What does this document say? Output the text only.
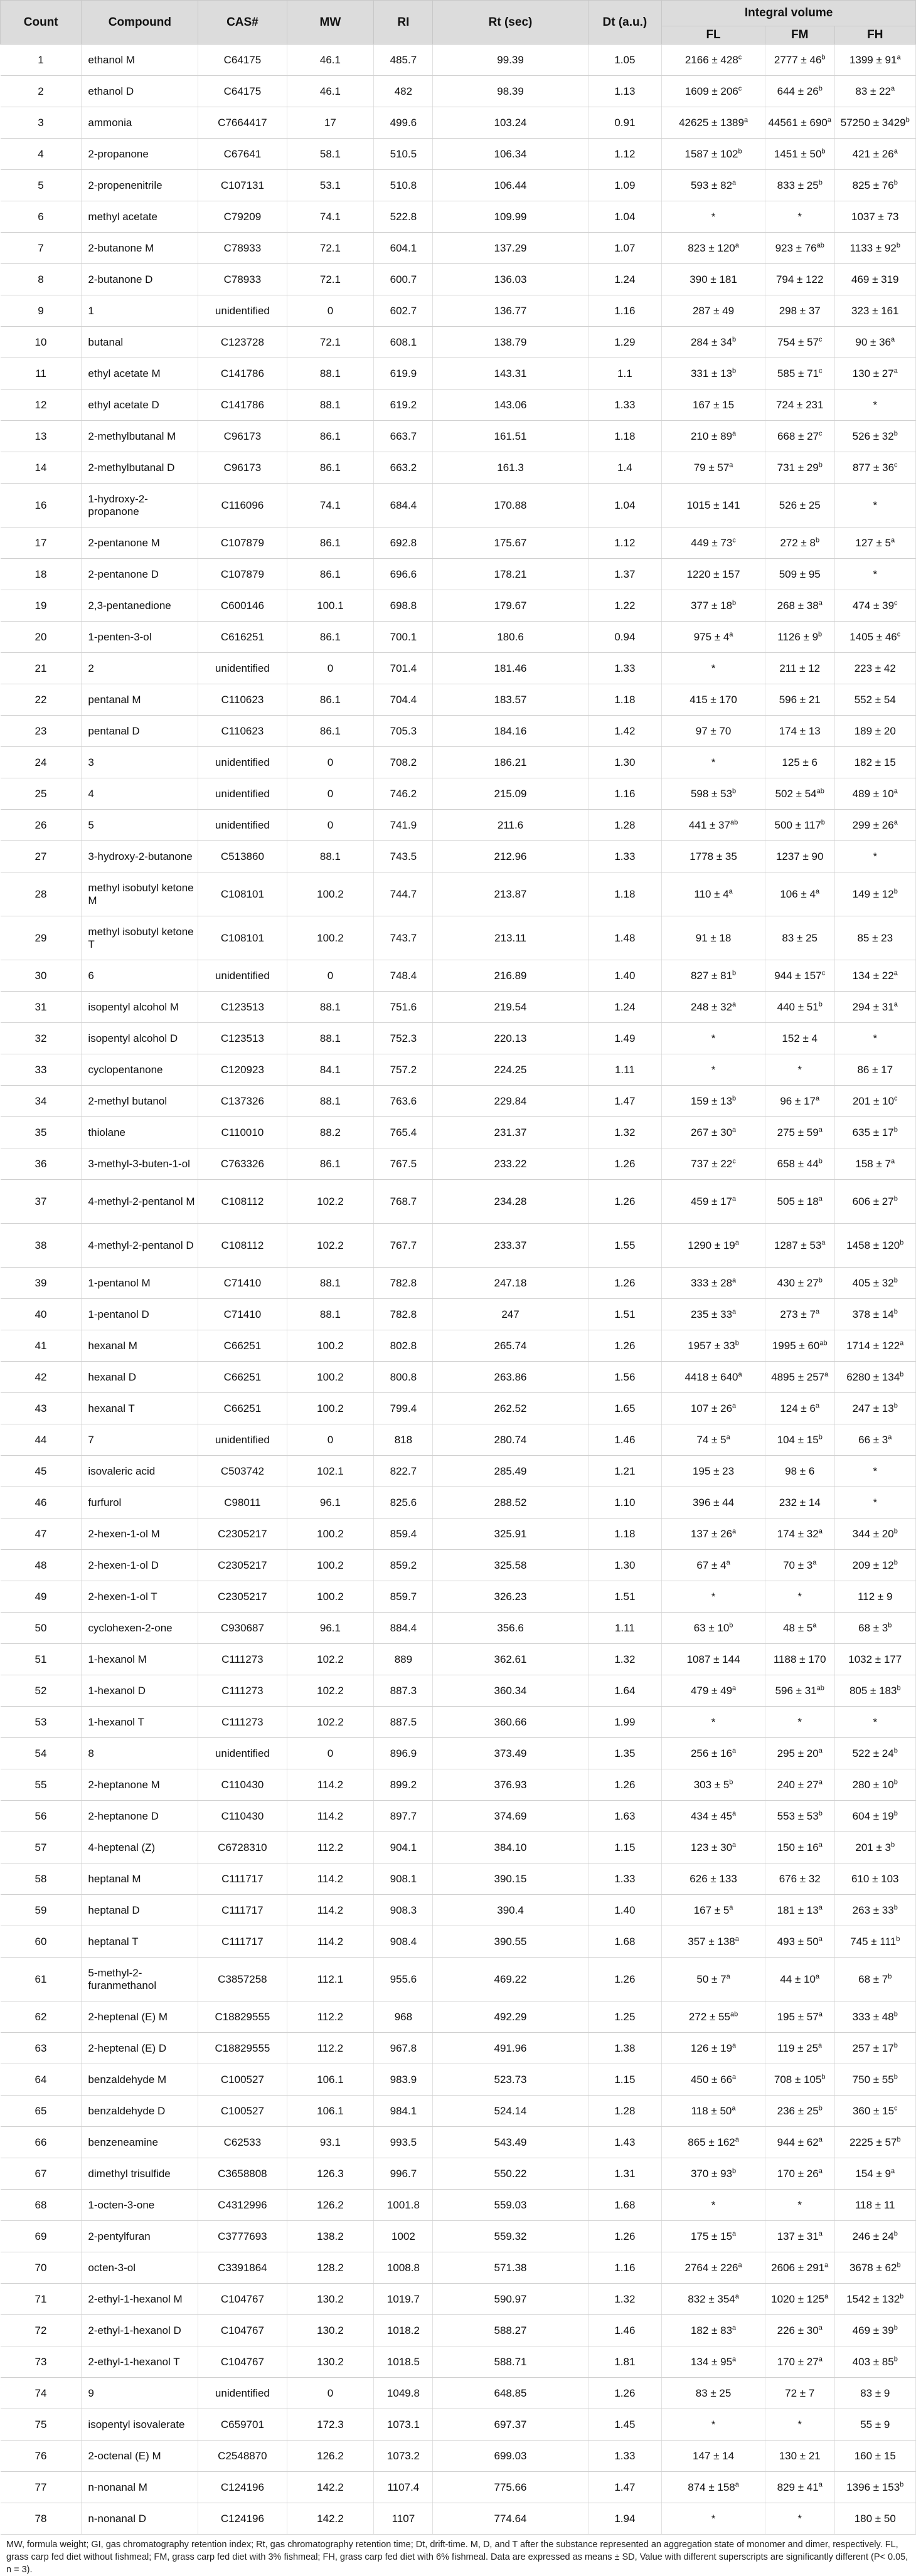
Count	Compound	CAS#	MW	RI	Rt (sec)	Dt (a.u.)	Integral volume		
							FL	FM	FH
1	ethanol M	C64175	46.1	485.7	99.39	1.05	$2166 \pm 428^c$	$2777 \pm 46^b$	$1399 \pm 91^a$
2	ethanol D	C64175	46.1	482	98.39	1.13	$1609 \pm 206^c$	$644 \pm 26^b$	$83 \pm 22^a$
3	ammonia	C7664417	17	499.6	103.24	0.91	$42625 \pm 1389^a$	$44561 \pm 690^a$	$57250 \pm 3429^b$
4	2-propanone	C67641	58.1	510.5	106.34	1.12	$1587 \pm 102^b$	$1451 \pm 50^b$	$421 \pm 26^a$
5	2-propenenitrile	C107131	53.1	510.8	106.44	1.09	$593 \pm 82^a$	$833 \pm 25^b$	$825 \pm 76^b$
6	methyl acetate	C79209	74.1	522.8	109.99	1.04	*	*	1037 ± 73
7	2-butanone M	C78933	72.1	604.1	137.29	1.07	$823 \pm 120^a$	$923 \pm 76^{ab}$	$1133 \pm 92^b$
8	2-butanone D	C78933	72.1	600.7	136.03	1.24	390 ± 181	794 ± 122	469 ± 319
9	1	unidentified	0	602.7	136.77	1.16	287 ± 49	298 ± 37	323 ± 161
10	butanal	C123728	72.1	608.1	138.79	1.29	$284 \pm 34^b$	$754 \pm 57^c$	$90 \pm 36^a$
11	ethyl acetate M	C141786	88.1	619.9	143.31	1.1	$331 \pm 13^b$	$585 \pm 71^c$	$130 \pm 27^a$
12	ethyl acetate D	C141786	88.1	619.2	143.06	1.33	167 ± 15	724 ± 231	*
13	2-methylbutanal M	C96173	86.1	663.7	161.51	1.18	$210 \pm 89^a$	$668 \pm 27^c$	$526 \pm 32^b$
14	2-methylbutanal D	C96173	86.1	663.2	161.3	1.4	$79 \pm 57^a$	$731 \pm 29^b$	$877 \pm 36^c$
16	1-hydroxy-2-propanone	C116096	74.1	684.4	170.88	1.04	1015 ± 141	526 ± 25	*
17	2-pentanone M	C107879	86.1	692.8	175.67	1.12	$449 \pm 73^c$	$272 \pm 8^b$	$127 \pm 5^a$
18	2-pentanone D	C107879	86.1	696.6	178.21	1.37	1220 ± 157	509 ± 95	*
19	2,3-pentanedione	C600146	100.1	698.8	179.67	1.22	$377 \pm 18^b$	$268 \pm 38^a$	$474 \pm 39^c$
20	1-penten-3-ol	C616251	86.1	700.1	180.6	0.94	$975 \pm 4^a$	$1126 \pm 9^b$	$1405 \pm 46^c$
21	2	unidentified	0	701.4	181.46	1.33	*	211 ± 12	223 ± 42
22	pentanal M	C110623	86.1	704.4	183.57	1.18	415 ± 170	596 ± 21	552 ± 54
23	pentanal D	C110623	86.1	705.3	184.16	1.42	97 ± 70	174 ± 13	189 ± 20
24	3	unidentified	0	708.2	186.21	1.30	*	125 ± 6	182 ± 15
25	4	unidentified	0	746.2	215.09	1.16	$598 \pm 53^b$	$502 \pm 54^{ab}$	$489 \pm 10^a$
26	5	unidentified	0	741.9	211.6	1.28	$441 \pm 37^{ab}$	$500 \pm 117^b$	$299 \pm 26^a$
27	3-hydroxy-2-butanone	C513860	88.1	743.5	212.96	1.33	1778 ± 35	1237 ± 90	*
28	methyl isobutyl ketone M	C108101	100.2	744.7	213.87	1.18	$110 \pm 4^a$	$106 \pm 4^a$	$149 \pm 12^b$
29	methyl isobutyl ketone T	C108101	100.2	743.7	213.11	1.48	91 ± 18	83 ± 25	85 ± 23
30	6	unidentified	0	748.4	216.89	1.40	$827 \pm 81^b$	$944 \pm 157^c$	$134 \pm 22^a$
31	isopentyl alcohol M	C123513	88.1	751.6	219.54	1.24	$248 \pm 32^a$	$440 \pm 51^b$	$294 \pm 31^a$
32	isopentyl alcohol D	C123513	88.1	752.3	220.13	1.49	*	152 ± 4	*
33	cyclopentanone	C120923	84.1	757.2	224.25	1.11	*	*	86 ± 17
34	2-methyl butanol	C137326	88.1	763.6	229.84	1.47	$159 \pm 13^b$	$96 \pm 17^a$	$201 \pm 10^c$
35	thiolane	C110010	88.2	765.4	231.37	1.32	$267 \pm 30^a$	$275 \pm 59^a$	$635 \pm 17^b$
36	3-methyl-3-buten-1-ol	C763326	86.1	767.5	233.22	1.26	$737 \pm 22^c$	$658 \pm 44^b$	$158 \pm 7^a$
37	4-methyl-2-pentanol M	C108112	102.2	768.7	234.28	1.26	$459 \pm 17^a$	$505 \pm 18^a$	$606 \pm 27^b$
38	4-methyl-2-pentanol D	C108112	102.2	767.7	233.37	1.55	$1290 \pm 19^a$	$1287 \pm 53^a$	$1458 \pm 120^b$
39	1-pentanol M	C71410	88.1	782.8	247.18	1.26	$333 \pm 28^a$	$430 \pm 27^b$	$405 \pm 32^b$
40	1-pentanol D	C71410	88.1	782.8	247	1.51	$235 \pm 33^a$	$273 \pm 7^a$	$378 \pm 14^b$
41	hexanal M	C66251	100.2	802.8	265.74	1.26	$1957 \pm 33^b$	$1995 \pm 60^{ab}$	$1714 \pm 122^a$
42	hexanal D	C66251	100.2	800.8	263.86	1.56	$4418 \pm 640^a$	$4895 \pm 257^a$	$6280 \pm 134^b$
43	hexanal T	C66251	100.2	799.4	262.52	1.65	$107 \pm 26^a$	$124 \pm 6^a$	$247 \pm 13^b$
44	7	unidentified	0	818	280.74	1.46	$74 \pm 5^a$	$104 \pm 15^b$	$66 \pm 3^a$
45	isovaleric acid	C503742	102.1	822.7	285.49	1.21	195 ± 23	98 ± 6	*
46	furfurol	C98011	96.1	825.6	288.52	1.10	396 ± 44	232 ± 14	*
47	2-hexen-1-ol M	C2305217	100.2	859.4	325.91	1.18	$137 \pm 26^a$	$174 \pm 32^a$	$344 \pm 20^b$
48	2-hexen-1-ol D	C2305217	100.2	859.2	325.58	1.30	$67 \pm 4^a$	$70 \pm 3^a$	$209 \pm 12^b$
49	2-hexen-1-ol T	C2305217	100.2	859.7	326.23	1.51	*	*	112 ± 9
50	cyclohexen-2-one	C930687	96.1	884.4	356.6	1.11	$63 \pm 10^b$	$48 \pm 5^a$	$68 \pm 3^b$
51	1-hexanol M	C111273	102.2	889	362.61	1.32	1087 ± 144	1188 ± 170	1032 ± 177
52	1-hexanol D	C111273	102.2	887.3	360.34	1.64	$479 \pm 49^a$	$596 \pm 31^{ab}$	$805 \pm 183^b$
53	1-hexanol T	C111273	102.2	887.5	360.66	1.99	*	*	*
54	8	unidentified	0	896.9	373.49	1.35	$256 \pm 16^a$	$295 \pm 20^a$	$522 \pm 24^b$
55	2-heptanone M	C110430	114.2	899.2	376.93	1.26	$303 \pm 5^b$	$240 \pm 27^a$	$280 \pm 10^b$
56	2-heptanone D	C110430	114.2	897.7	374.69	1.63	$434 \pm 45^a$	$553 \pm 53^b$	$604 \pm 19^b$
57	4-heptenal (Z)	C6728310	112.2	904.1	384.10	1.15	$123 \pm 30^a$	$150 \pm 16^a$	$201 \pm 3^b$
58	heptanal M	C111717	114.2	908.1	390.15	1.33	626 ± 133	676 ± 32	610 ± 103
59	heptanal D	C111717	114.2	908.3	390.4	1.40	$167 \pm 5^a$	$181 \pm 13^a$	$263 \pm 33^b$
60	heptanal T	C111717	114.2	908.4	390.55	1.68	$357 \pm 138^a$	$493 \pm 50^a$	$745 \pm 111^b$
61	5-methyl-2-furanmethanol	C3857258	112.1	955.6	469.22	1.26	$50 \pm 7^a$	$44 \pm 10^a$	$68 \pm 7^b$
62	2-heptenal (E) M	C18829555	112.2	968	492.29	1.25	$272 \pm 55^{ab}$	$195 \pm 57^a$	$333 \pm 48^b$
63	2-heptenal (E) D	C18829555	112.2	967.8	491.96	1.38	$126 \pm 19^a$	$119 \pm 25^a$	$257 \pm 17^b$
64	benzaldehyde M	C100527	106.1	983.9	523.73	1.15	$450 \pm 66^a$	$708 \pm 105^b$	$750 \pm 55^b$
65	benzaldehyde D	C100527	106.1	984.1	524.14	1.28	$118 \pm 50^a$	$236 \pm 25^b$	$360 \pm 15^c$
66	benzeneamine	C62533	93.1	993.5	543.49	1.43	$865 \pm 162^a$	$944 \pm 62^a$	$2225 \pm 57^b$
67	dimethyl trisulfide	C3658808	126.3	996.7	550.22	1.31	$370 \pm 93^b$	$170 \pm 26^a$	$154 \pm 9^a$
68	1-octen-3-one	C4312996	126.2	1001.8	559.03	1.68	*	*	118 ± 11
69	2-pentylfuran	C3777693	138.2	1002	559.32	1.26	$175 \pm 15^a$	$137 \pm 31^a$	$246 \pm 24^b$
70	octen-3-ol	C3391864	128.2	1008.8	571.38	1.16	$2764 \pm 226^a$	$2606 \pm 291^a$	$3678 \pm 62^b$
71	2-ethyl-1-hexanol M	C104767	130.2	1019.7	590.97	1.32	$832 \pm 354^a$	$1020 \pm 125^a$	$1542 \pm 132^b$
72	2-ethyl-1-hexanol D	C104767	130.2	1018.2	588.27	1.46	$182 \pm 83^a$	$226 \pm 30^a$	$469 \pm 39^b$
73	2-ethyl-1-hexanol T	C104767	130.2	1018.5	588.71	1.81	$134 \pm 95^a$	$170 \pm 27^a$	$403 \pm 85^b$
74	9	unidentified	0	1049.8	648.85	1.26	83 ± 25	72 ± 7	83 ± 9
75	isopentyl isovalerate	C659701	172.3	1073.1	697.37	1.45	*	*	55 ± 9
76	2-octenal (E) M	C2548870	126.2	1073.2	699.03	1.33	147 ± 14	130 ± 21	160 ± 15
77	n-nonanal M	C124196	142.2	1107.4	775.66	1.47	$874 \pm 158^a$	$829 \pm 41^a$	$1396 \pm 153^b$
78	n-nonanal D	C124196	142.2	1107	774.64	1.94	*	*	180 ± 50
MW, formula weight; GI, gas chromatography retention index; Rt, gas chromatography retention time; Dt, drift-time. M, D, and T after the substance represented an aggregation state of monomer and dimer, respectively. FL, grass carp fed diet without fishmeal; FM, grass carp fed diet with 3% fishmeal; FH, grass carp fed diet with 6% fishmeal. Data are expressed as means ± SD, Value with different superscripts are significantly different (P< 0.05, n = 3).
